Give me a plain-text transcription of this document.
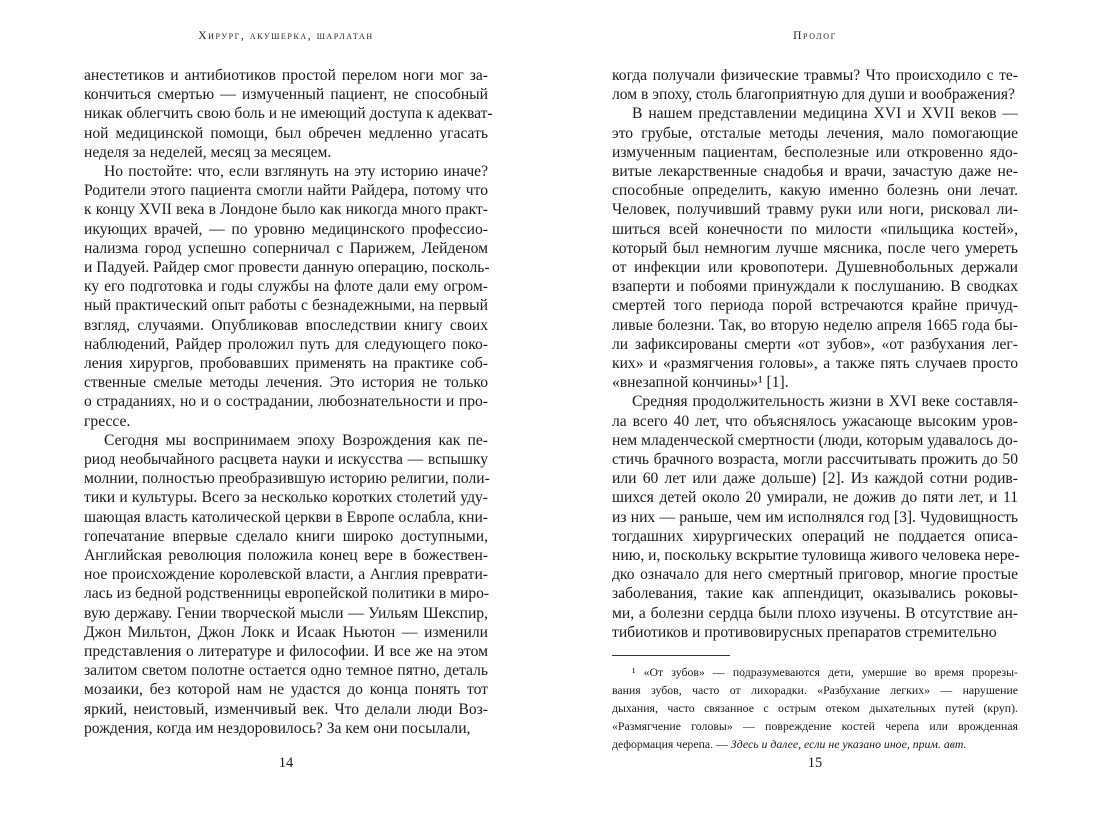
Хирург, акушерка, шарлатан
анестетиков и антибиотиков простой перелом ноги мог за-
кончиться смертью — измученный пациент, не способный
никак облегчить свою боль и не имеющий доступа к адекват-
ной медицинской помощи, был обречен медленно угасать
неделя за неделей, месяц за месяцем.
Но постойте: что, если взглянуть на эту историю иначе?
Родители этого пациента смогли найти Райдера, потому что
к концу XVII века в Лондоне было как никогда много практ-
икующих врачей, — по уровню медицинского профессио-
нализма город успешно соперничал с Парижем, Лейденом
и Падуей. Райдер смог провести данную операцию, посколь-
ку его подготовка и годы службы на флоте дали ему огром-
ный практический опыт работы с безнадежными, на первый
взгляд, случаями. Опубликовав впоследствии книгу своих
наблюдений, Райдер проложил путь для следующего поко-
ления хирургов, пробовавших применять на практике соб-
ственные смелые методы лечения. Это история не только
о страданиях, но и о сострадании, любознательности и про-
грессе.
Сегодня мы воспринимаем эпоху Возрождения как пе-
риод необычайного расцвета науки и искусства — вспышку
молнии, полностью преобразившую историю религии, поли-
тики и культуры. Всего за несколько коротких столетий уду-
шающая власть католической церкви в Европе ослабла, кни-
гопечатание впервые сделало книги широко доступными,
Английская революция положила конец вере в божествен-
ное происхождение королевской власти, а Англия преврати-
лась из бедной родственницы европейской политики в миро-
вую державу. Гении творческой мысли — Уильям Шекспир,
Джон Мильтон, Джон Локк и Исаак Ньютон — изменили
представления о литературе и философии. И все же на этом
залитом светом полотне остается одно темное пятно, деталь
мозаики, без которой нам не удастся до конца понять тот
яркий, неистовый, изменчивый век. Что делали люди Воз-
рождения, когда им нездоровилось? За кем они посылали,
14
Пролог
когда получали физические травмы? Что происходило с те-
лом в эпоху, столь благоприятную для души и воображения?
В нашем представлении медицина XVI и XVII веков —
это грубые, отсталые методы лечения, мало помогающие
измученным пациентам, бесполезные или откровенно ядо-
витые лекарственные снадобья и врачи, зачастую даже не-
способные определить, какую именно болезнь они лечат.
Человек, получивший травму руки или ноги, рисковал ли-
шиться всей конечности по милости «пильщика костей»,
который был немногим лучше мясника, после чего умереть
от инфекции или кровопотери. Душевнобольных держали
взаперти и побоями принуждали к послушанию. В сводках
смертей того периода порой встречаются крайне причуд-
ливые болезни. Так, во вторую неделю апреля 1665 года бы-
ли зафиксированы смерти «от зубов», «от разбухания лег-
ких» и «размягчения головы», а также пять случаев просто
«внезапной кончины»¹ [1].
Средняя продолжительность жизни в XVI веке составля-
ла всего 40 лет, что объяснялось ужасающе высоким уров-
нем младенческой смертности (люди, которым удавалось до-
стичь брачного возраста, могли рассчитывать прожить до 50
или 60 лет или даже дольше) [2]. Из каждой сотни родив-
шихся детей около 20 умирали, не дожив до пяти лет, и 11
из них — раньше, чем им исполнялся год [3]. Чудовищность
тогдашних хирургических операций не поддается описа-
нию, и, поскольку вскрытие туловища живого человека нере-
дко означало для него смертный приговор, многие простые
заболевания, такие как аппендицит, оказывались роковы-
ми, а болезни сердца были плохо изучены. В отсутствие ан-
тибиотиков и противовирусных препаратов стремительно
¹ «От зубов» — подразумеваются дети, умершие во время прорезы-
вания зубов, часто от лихорадки. «Разбухание легких» — нарушение
дыхания, часто связанное с острым отеком дыхательных путей (круп).
«Размягчение головы» — повреждение костей черепа или врожденная
деформация черепа. — Здесь и далее, если не указано иное, прим. авт.
15
